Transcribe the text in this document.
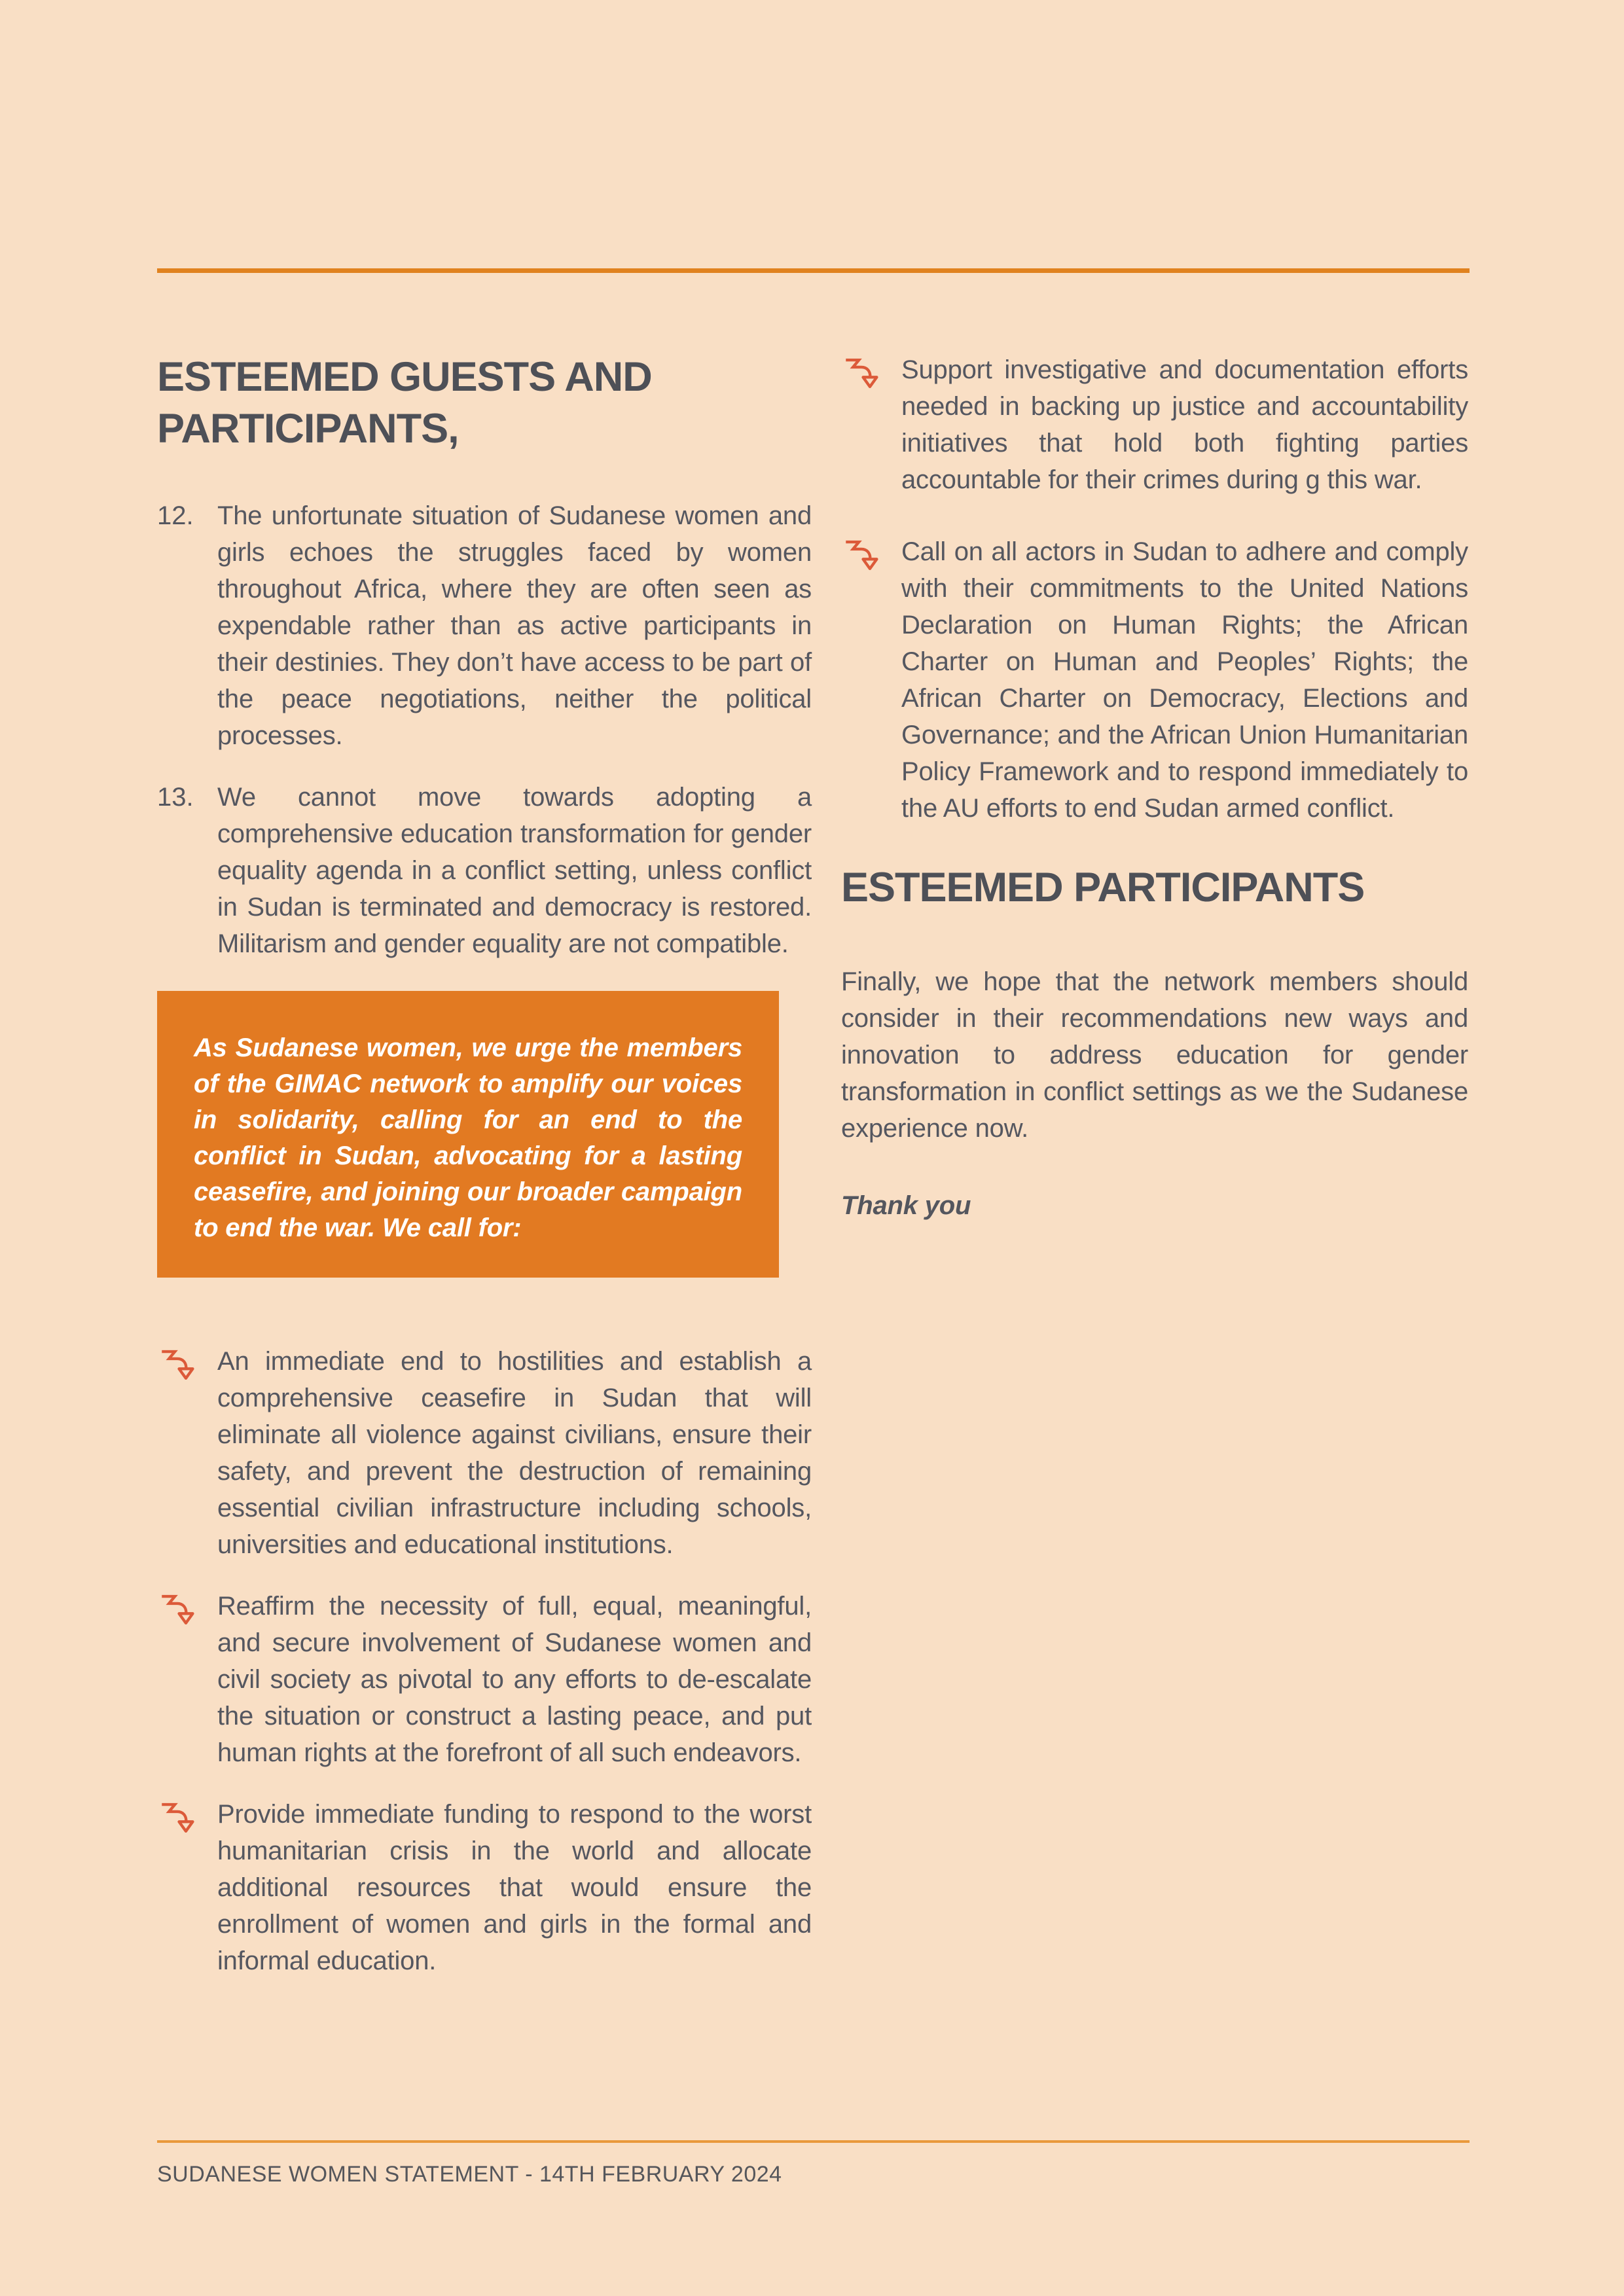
ESTEEMED GUESTS AND PARTICIPANTS,
12. The unfortunate situation of Sudanese women and girls echoes the struggles faced by women throughout Africa, where they are often seen as expendable rather than as active participants in their destinies. They don’t have access to be part of the peace negotiations, neither the political processes.

13. We cannot move towards adopting a comprehensive education transformation for gender equality agenda in a conflict setting, unless conflict in Sudan is terminated and democracy is restored. Militarism and gender equality are not compatible.

As Sudanese women, we urge the members of the GIMAC network to amplify our voices in solidarity, calling for an end to the conflict in Sudan, advocating for a lasting ceasefire, and joining our broader campaign to end the war. We call for:

An immediate end to hostilities and establish a comprehensive ceasefire in Sudan that will eliminate all violence against civilians, ensure their safety, and prevent the destruction of remaining essential civilian infrastructure including schools, universities and educational institutions.

Reaffirm the necessity of full, equal, meaningful, and secure involvement of Sudanese women and civil society as pivotal to any efforts to de-escalate the situation or construct a lasting peace, and put human rights at the forefront of all such endeavors.

Provide immediate funding to respond to the worst humanitarian crisis in the world and allocate additional resources that would ensure the enrollment of women and girls in the formal and informal education.

Support investigative and documentation efforts needed in backing up justice and accountability initiatives that hold both fighting parties accountable for their crimes during g this war.

Call on all actors in Sudan to adhere and comply with their commitments to the United Nations Declaration on Human Rights; the African Charter on Human and Peoples’ Rights; the African Charter on Democracy, Elections and Governance; and the African Union Humanitarian Policy Framework and to respond immediately to the AU efforts to end Sudan armed conflict.

ESTEEMED PARTICIPANTS

Finally, we hope that the network members should consider in their recommendations new ways and innovation to address education for gender transformation in conflict settings as we the Sudanese experience now.

Thank you

SUDANESE WOMEN STATEMENT - 14TH FEBRUARY 2024
